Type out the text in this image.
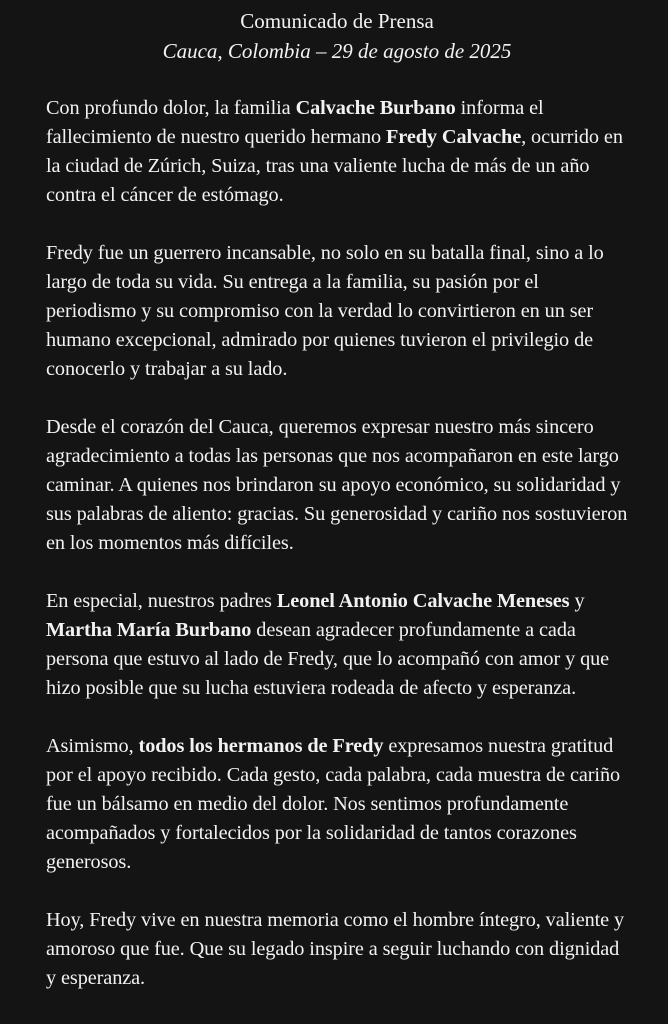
Comunicado de Prensa
Cauca, Colombia – 29 de agosto de 2025

Con profundo dolor, la familia Calvache Burbano informa el fallecimiento de nuestro querido hermano Fredy Calvache, ocurrido en la ciudad de Zúrich, Suiza, tras una valiente lucha de más de un año contra el cáncer de estómago.

Fredy fue un guerrero incansable, no solo en su batalla final, sino a lo largo de toda su vida. Su entrega a la familia, su pasión por el periodismo y su compromiso con la verdad lo convirtieron en un ser humano excepcional, admirado por quienes tuvieron el privilegio de conocerlo y trabajar a su lado.

Desde el corazón del Cauca, queremos expresar nuestro más sincero agradecimiento a todas las personas que nos acompañaron en este largo caminar. A quienes nos brindaron su apoyo económico, su solidaridad y sus palabras de aliento: gracias. Su generosidad y cariño nos sostuvieron en los momentos más difíciles.

En especial, nuestros padres Leonel Antonio Calvache Meneses y Martha María Burbano desean agradecer profundamente a cada persona que estuvo al lado de Fredy, que lo acompañó con amor y que hizo posible que su lucha estuviera rodeada de afecto y esperanza.

Asimismo, todos los hermanos de Fredy expresamos nuestra gratitud por el apoyo recibido. Cada gesto, cada palabra, cada muestra de cariño fue un bálsamo en medio del dolor. Nos sentimos profundamente acompañados y fortalecidos por la solidaridad de tantos corazones generosos.

Hoy, Fredy vive en nuestra memoria como el hombre íntegro, valiente y amoroso que fue. Que su legado inspire a seguir luchando con dignidad y esperanza.
